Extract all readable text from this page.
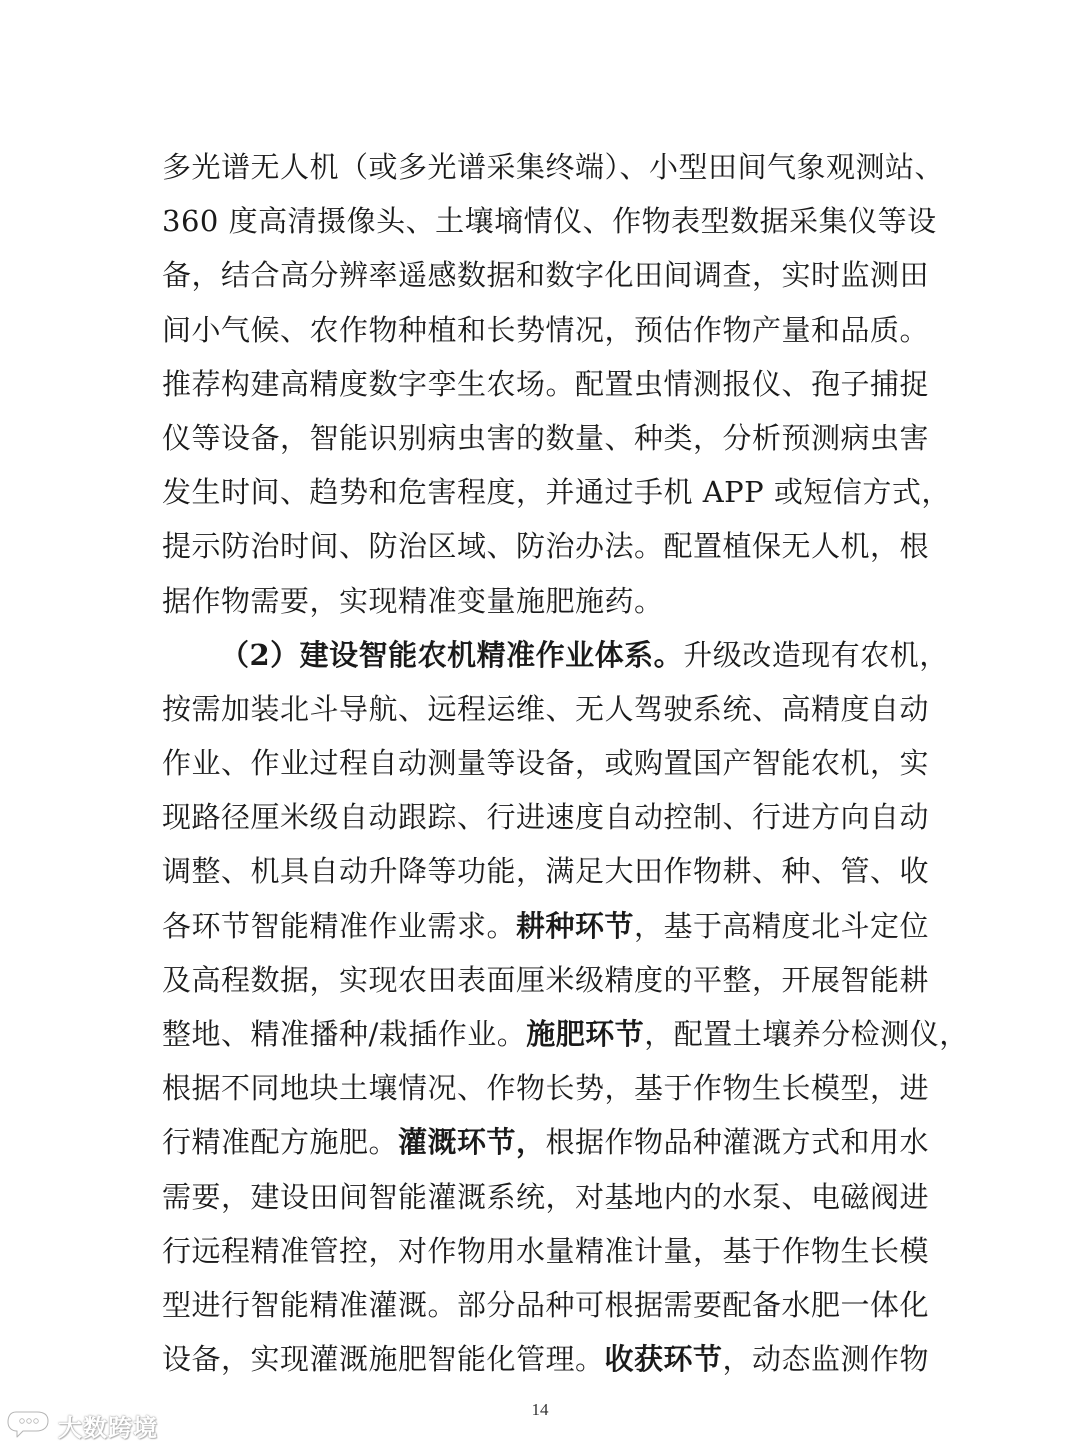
多光谱无人机（或多光谱采集终端）、小型田间气象观测站、
360 度高清摄像头、土壤墒情仪、作物表型数据采集仪等设
备，结合高分辨率遥感数据和数字化田间调查，实时监测田
间小气候、农作物种植和长势情况，预估作物产量和品质。
推荐构建高精度数字孪生农场。配置虫情测报仪、孢子捕捉
仪等设备，智能识别病虫害的数量、种类，分析预测病虫害
发生时间、趋势和危害程度，并通过手机 APP 或短信方式，
提示防治时间、防治区域、防治办法。配置植保无人机，根
据作物需要，实现精准变量施肥施药。
（2）建设智能农机精准作业体系。升级改造现有农机，
按需加装北斗导航、远程运维、无人驾驶系统、高精度自动
作业、作业过程自动测量等设备，或购置国产智能农机，实
现路径厘米级自动跟踪、行进速度自动控制、行进方向自动
调整、机具自动升降等功能，满足大田作物耕、种、管、收
各环节智能精准作业需求。耕种环节，基于高精度北斗定位
及高程数据，实现农田表面厘米级精度的平整，开展智能耕
整地、精准播种/栽插作业。施肥环节，配置土壤养分检测仪，
根据不同地块土壤情况、作物长势，基于作物生长模型，进
行精准配方施肥。灌溉环节，根据作物品种灌溉方式和用水
需要，建设田间智能灌溉系统，对基地内的水泵、电磁阀进
行远程精准管控，对作物用水量精准计量，基于作物生长模
型进行智能精准灌溉。部分品种可根据需要配备水肥一体化
设备，实现灌溉施肥智能化管理。收获环节，动态监测作物
14
大数跨境
